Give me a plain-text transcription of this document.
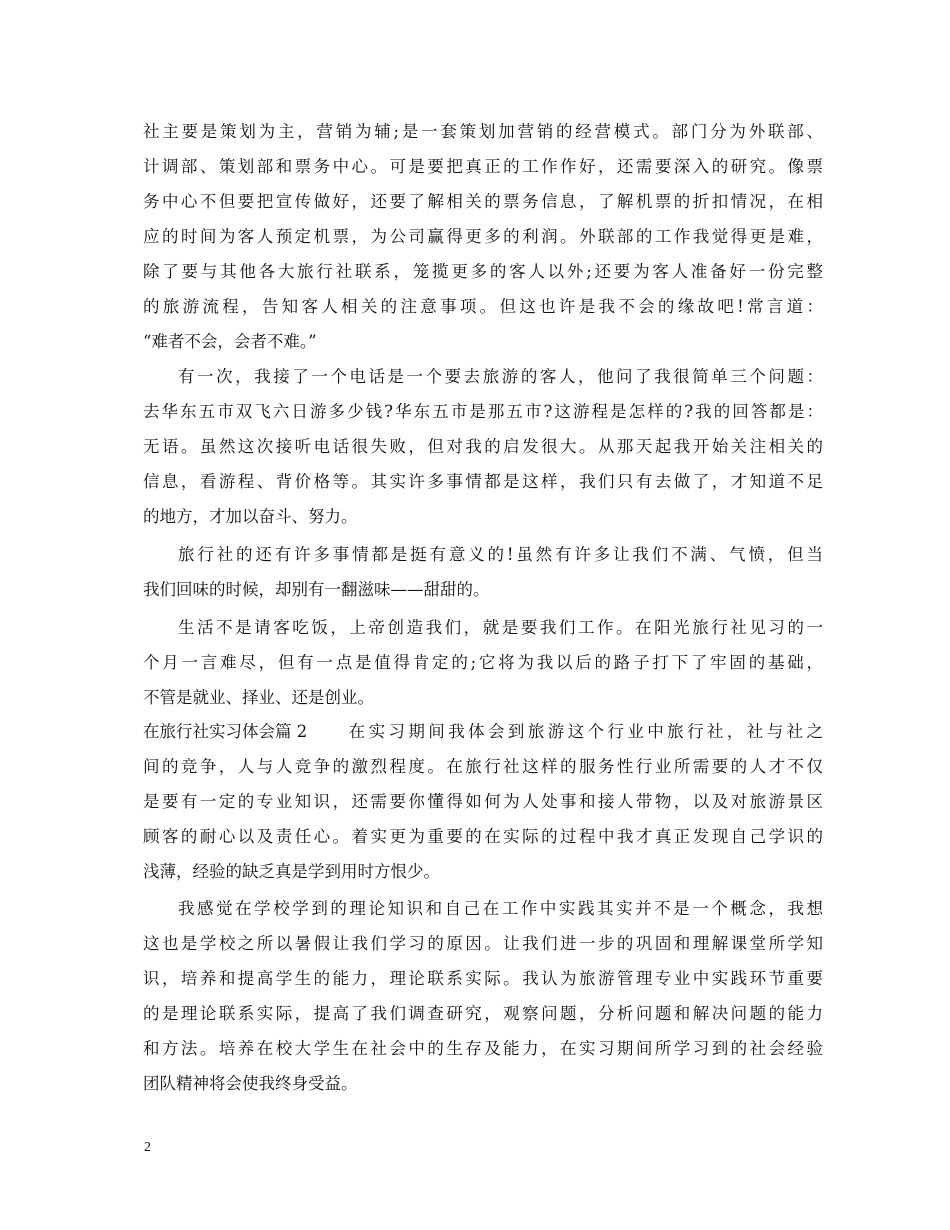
社主要是策划为主，营销为辅;是一套策划加营销的经营模式。部门分为外联部、
计调部、策划部和票务中心。可是要把真正的工作作好，还需要深入的研究。像票
务中心不但要把宣传做好，还要了解相关的票务信息，了解机票的折扣情况，在相
应的时间为客人预定机票，为公司赢得更多的利润。外联部的工作我觉得更是难，
除了要与其他各大旅行社联系，笼揽更多的客人以外;还要为客人准备好一份完整
的旅游流程，告知客人相关的注意事项。但这也许是我不会的缘故吧!常言道：
“难者不会，会者不难。”
有一次，我接了一个电话是一个要去旅游的客人，他问了我很简单三个问题：
去华东五市双飞六日游多少钱?华东五市是那五市?这游程是怎样的?我的回答都是：
无语。虽然这次接听电话很失败，但对我的启发很大。从那天起我开始关注相关的
信息，看游程、背价格等。其实许多事情都是这样，我们只有去做了，才知道不足
的地方，才加以奋斗、努力。
旅行社的还有许多事情都是挺有意义的!虽然有许多让我们不满、气愤，但当
我们回味的时候，却别有一翻滋味——甜甜的。
生活不是请客吃饭，上帝创造我们，就是要我们工作。在阳光旅行社见习的一
个月一言难尽，但有一点是值得肯定的;它将为我以后的路子打下了牢固的基础，
不管是就业、择业、还是创业。
在旅行社实习体会篇 2 在实习期间我体会到旅游这个行业中旅行社，社与社之
间的竞争，人与人竞争的激烈程度。在旅行社这样的服务性行业所需要的人才不仅
是要有一定的专业知识，还需要你懂得如何为人处事和接人带物，以及对旅游景区
顾客的耐心以及责任心。着实更为重要的在实际的过程中我才真正发现自己学识的
浅薄，经验的缺乏真是学到用时方恨少。
我感觉在学校学到的理论知识和自己在工作中实践其实并不是一个概念，我想
这也是学校之所以暑假让我们学习的原因。让我们进一步的巩固和理解课堂所学知
识，培养和提高学生的能力，理论联系实际。我认为旅游管理专业中实践环节重要
的是理论联系实际，提高了我们调查研究，观察问题，分析问题和解决问题的能力
和方法。培养在校大学生在社会中的生存及能力，在实习期间所学习到的社会经验
团队精神将会使我终身受益。
2
